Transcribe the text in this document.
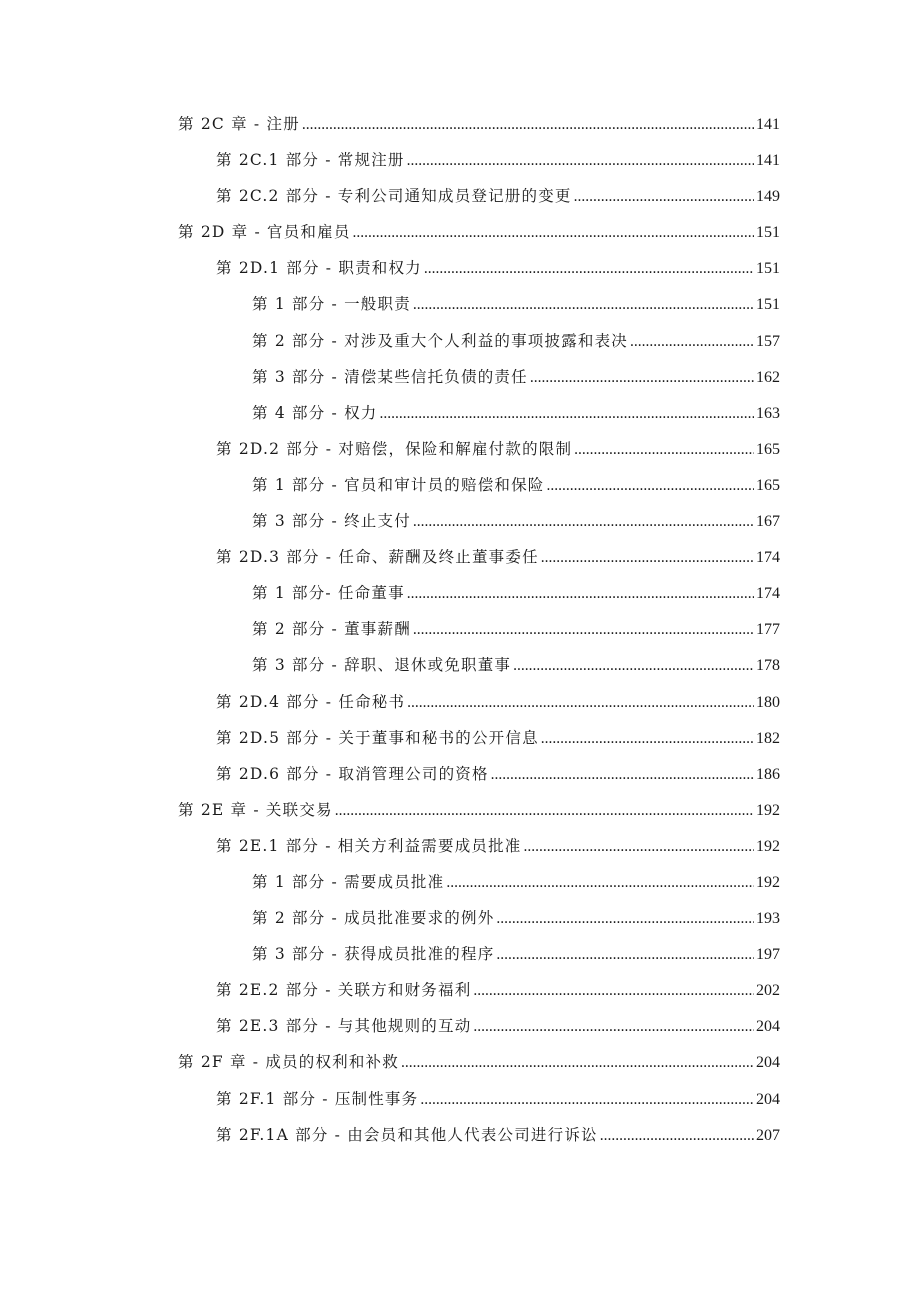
第 2C 章 - 注册 .....	141
第 2C.1 部分 - 常规注册 .....	141
第 2C.2 部分 - 专利公司通知成员登记册的变更 .....	149
第 2D 章 - 官员和雇员 .....	151
第 2D.1 部分 - 职责和权力 .....	151
第 1 部分 - 一般职责 .....	151
第 2 部分 - 对涉及重大个人利益的事项披露和表决 .....	157
第 3 部分 - 清偿某些信托负债的责任 .....	162
第 4 部分 - 权力 .....	163
第 2D.2 部分 - 对赔偿，保险和解雇付款的限制 .....	165
第 1 部分 - 官员和审计员的赔偿和保险 .....	165
第 3 部分 - 终止支付 .....	167
第 2D.3 部分 - 任命、薪酬及终止董事委任 .....	174
第 1 部分- 任命董事 .....	174
第 2 部分 - 董事薪酬 .....	177
第 3 部分 - 辞职、退休或免职董事 .....	178
第 2D.4 部分 - 任命秘书 .....	180
第 2D.5 部分 - 关于董事和秘书的公开信息 .....	182
第 2D.6 部分 - 取消管理公司的资格 .....	186
第 2E 章 - 关联交易 .....	192
第 2E.1 部分 - 相关方利益需要成员批准 .....	192
第 1 部分 - 需要成员批准 .....	192
第 2 部分 - 成员批准要求的例外 .....	193
第 3 部分 - 获得成员批准的程序 .....	197
第 2E.2 部分 - 关联方和财务福利 .....	202
第 2E.3 部分 - 与其他规则的互动 .....	204
第 2F 章 - 成员的权利和补救 .....	204
第 2F.1 部分 - 压制性事务 .....	204
第 2F.1A 部分 - 由会员和其他人代表公司进行诉讼 .....	207
